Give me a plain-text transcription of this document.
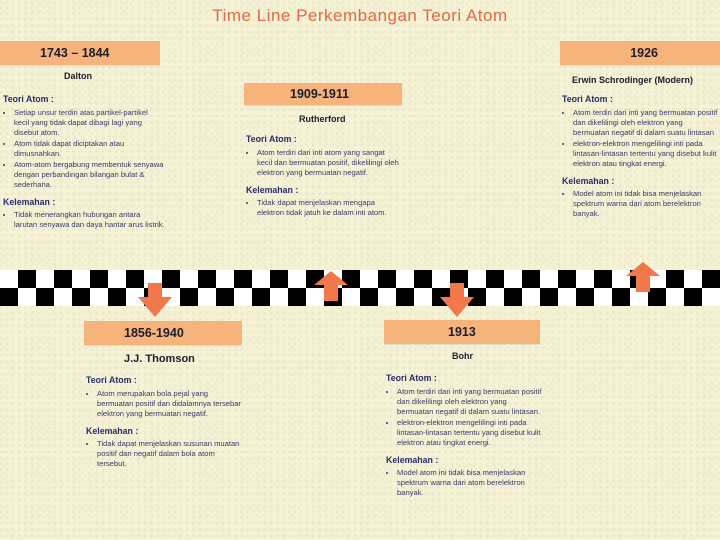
Time Line Perkembangan Teori Atom
1743 – 1844
Dalton
Teori Atom :
• Setiap unsur terdiri atas partikel-partikel kecil yang tidak dapat dibagi lagi yang disebut atom.
• Atom tidak dapat diciptakan atau dimusnahkan.
• Atom-atom bergabung membentuk senyawa dengan perbandingan bilangan bulat & sederhana.
Kelemahan :
• Tidak menerangkan hubungan antara larutan senyawa dan daya hantar arus listrik.
1909-1911
Rutherford
Teori Atom :
• Atom terdiri dari inti atom yang sangat kecil dan bermuatan positif, dikelilingi oleh elektron yang bermuatan negatif.
Kelemahan :
• Tidak dapat menjelaskan mengapa elektron tidak jatuh ke dalam inti atom.
1926
Erwin Schrodinger (Modern)
Teori Atom :
• Atom terdiri dari inti yang bermuatan positif dan dikelilingi oleh elektron yang bermuatan negatif di dalam suatu lintasan
• elektron-elektron mengelilingi inti pada lintasan-lintasan tertentu yang disebut kulit elektron atau tingkat energi.
Kelemahan :
• Model atom ini tidak bisa menjelaskan spektrum warna dari atom berelektron banyak.
1856-1940
J.J. Thomson
Teori Atom :
• Atom merupakan bola pejal yang bermuatan positif dan didalamnya tersebar elektron yang bermuatan negatif.
Kelemahan :
• Tidak dapat menjelaskan susunan muatan positif dan negatif dalam bola atom tersebut.
1913
Bohr
Teori Atom :
• Atom terdiri dari inti yang bermuatan positif dan dikelilingi oleh elektron yang bermuatan negatif di dalam suatu lintasan.
• elektron-elektron mengelilingi inti pada lintasan-lintasan tertentu yang disebut kulit elektron atau tingkat energi.
Kelemahan :
• Model atom ini tidak bisa menjelaskan spektrum warna dari atom berelektron banyak.
